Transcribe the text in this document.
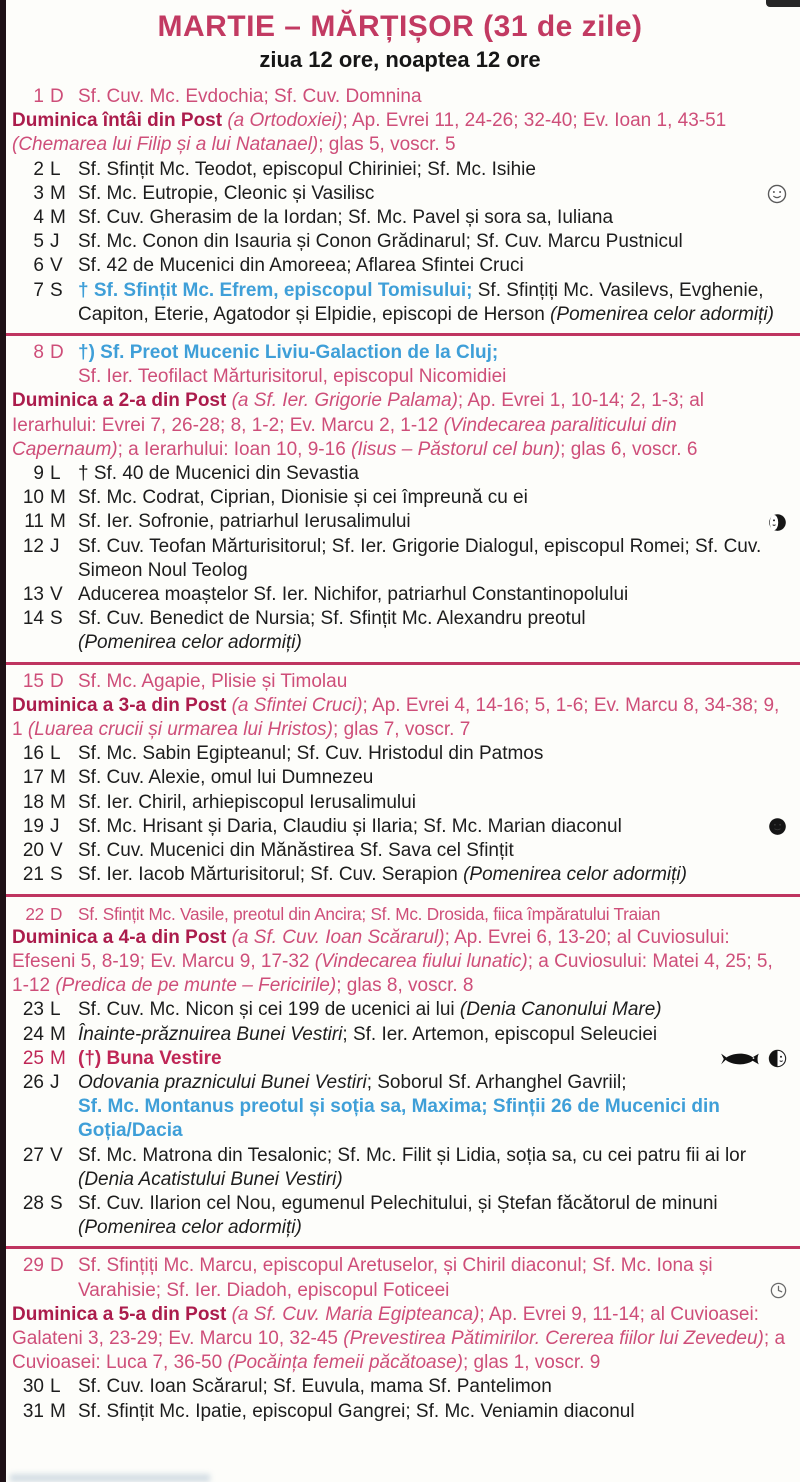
MARTIE – MĂRȚIȘOR (31 de zile)
ziua 12 ore, noaptea 12 ore
1 D Sf. Cuv. Mc. Evdochia; Sf. Cuv. Domnina

Duminica întâi din Post (a Ortodoxiei); Ap. Evrei 11, 24-26; 32-40; Ev. Ioan 1, 43-51 (Chemarea lui Filip și a lui Natanael); glas 5, voscr. 5

2 L Sf. Sfințit Mc. Teodot, episcopul Chiriniei; Sf. Mc. Isihie
3 M Sf. Mc. Eutropie, Cleonic și Vasilisc
4 M Sf. Cuv. Gherasim de la Iordan; Sf. Mc. Pavel și sora sa, Iuliana
5 J Sf. Mc. Conon din Isauria și Conon Grădinarul; Sf. Cuv. Marcu Pustnicul
6 V Sf. 42 de Mucenici din Amoreea; Aflarea Sfintei Cruci
7 S † Sf. Sfințit Mc. Efrem, episcopul Tomisului; Sf. Sfințiți Mc. Vasilevs, Evghenie, Capiton, Eterie, Agatodor și Elpidie, episcopi de Herson (Pomenirea celor adormiți)
8 D †) Sf. Preot Mucenic Liviu-Galaction de la Cluj;
Sf. Ier. Teofilact Mărturisitorul, episcopul Nicomidiei

Duminica a 2-a din Post (a Sf. Ier. Grigorie Palama); Ap. Evrei 1, 10-14; 2, 1-3; al Ierarhului: Evrei 7, 26-28; 8, 1-2; Ev. Marcu 2, 1-12 (Vindecarea paraliticului din Capernaum); a Ierarhului: Ioan 10, 9-16 (Iisus – Păstorul cel bun); glas 6, voscr. 6

9 L † Sf. 40 de Mucenici din Sevastia
10 M Sf. Mc. Codrat, Ciprian, Dionisie și cei împreună cu ei
11 M Sf. Ier. Sofronie, patriarhul Ierusalimului
12 J Sf. Cuv. Teofan Mărturisitorul; Sf. Ier. Grigorie Dialogul, episcopul Romei; Sf. Cuv. Simeon Noul Teolog
13 V Aducerea moaștelor Sf. Ier. Nichifor, patriarhul Constantinopolului
14 S Sf. Cuv. Benedict de Nursia; Sf. Sfințit Mc. Alexandru preotul
(Pomenirea celor adormiți)
15 D Sf. Mc. Agapie, Plisie și Timolau

Duminica a 3-a din Post (a Sfintei Cruci); Ap. Evrei 4, 14-16; 5, 1-6; Ev. Marcu 8, 34-38; 9, 1 (Luarea crucii și urmarea lui Hristos); glas 7, voscr. 7

16 L Sf. Mc. Sabin Egipteanul; Sf. Cuv. Hristodul din Patmos
17 M Sf. Cuv. Alexie, omul lui Dumnezeu
18 M Sf. Ier. Chiril, arhiepiscopul Ierusalimului
19 J Sf. Mc. Hrisant și Daria, Claudiu și Ilaria; Sf. Mc. Marian diaconul
20 V Sf. Cuv. Mucenici din Mănăstirea Sf. Sava cel Sfințit
21 S Sf. Ier. Iacob Mărturisitorul; Sf. Cuv. Serapion (Pomenirea celor adormiți)
22 D Sf. Sfințit Mc. Vasile, preotul din Ancira; Sf. Mc. Drosida, fiica împăratului Traian

Duminica a 4-a din Post (a Sf. Cuv. Ioan Scărarul); Ap. Evrei 6, 13-20; al Cuviosului: Efeseni 5, 8-19; Ev. Marcu 9, 17-32 (Vindecarea fiului lunatic); a Cuviosului: Matei 4, 25; 5, 1-12 (Predica de pe munte – Fericirile); glas 8, voscr. 8

23 L Sf. Cuv. Mc. Nicon și cei 199 de ucenici ai lui (Denia Canonului Mare)
24 M Înainte-prăznuirea Bunei Vestiri; Sf. Ier. Artemon, episcopul Seleuciei
25 M (†) Buna Vestire
26 J Odovania praznicului Bunei Vestiri; Soborul Sf. Arhanghel Gavriil;
Sf. Mc. Montanus preotul și soția sa, Maxima; Sfinții 26 de Mucenici din Goția/Dacia
27 V Sf. Mc. Matrona din Tesalonic; Sf. Mc. Filit și Lidia, soția sa, cu cei patru fii ai lor (Denia Acatistului Bunei Vestiri)
28 S Sf. Cuv. Ilarion cel Nou, egumenul Pelechitului, și Ștefan făcătorul de minuni (Pomenirea celor adormiți)
29 D Sf. Sfințiți Mc. Marcu, episcopul Aretuselor, și Chiril diaconul; Sf. Mc. Iona și Varahisie; Sf. Ier. Diadoh, episcopul Foticeei

Duminica a 5-a din Post (a Sf. Cuv. Maria Egipteanca); Ap. Evrei 9, 11-14; al Cuvioasei: Galateni 3, 23-29; Ev. Marcu 10, 32-45 (Prevestirea Pătimirilor. Cererea fiilor lui Zevedeu); a Cuvioasei: Luca 7, 36-50 (Pocăința femeii păcătoase); glas 1, voscr. 9

30 L Sf. Cuv. Ioan Scărarul; Sf. Euvula, mama Sf. Pantelimon
31 M Sf. Sfințit Mc. Ipatie, episcopul Gangrei; Sf. Mc. Veniamin diaconul
